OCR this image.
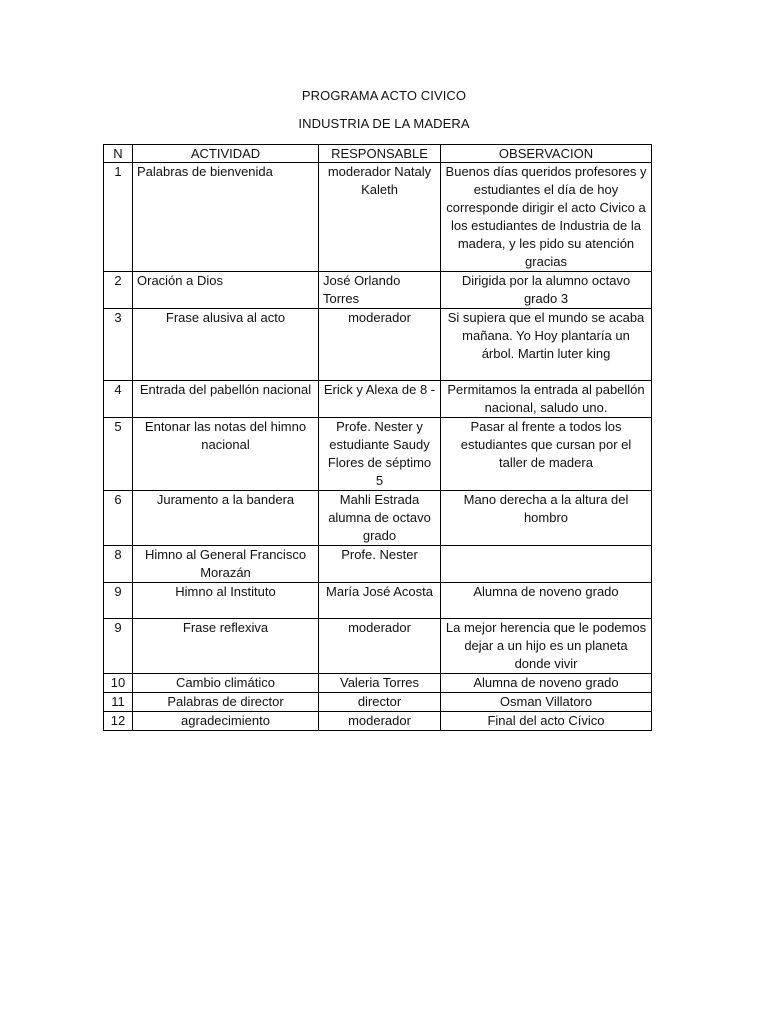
PROGRAMA ACTO CIVICO
INDUSTRIA DE LA MADERA
N	ACTIVIDAD	RESPONSABLE	OBSERVACION
1	Palabras de bienvenida	moderador Nataly Kaleth	Buenos días queridos profesores y estudiantes el día de hoy corresponde dirigir el acto Civico a los estudiantes de Industria de la madera, y les pido su atención gracias
2	Oración a Dios	José Orlando Torres	Dirigida por la alumno octavo grado 3
3	Frase alusiva al acto	moderador	Si supiera que el mundo se acaba mañana. Yo Hoy plantaría un árbol. Martin luter king
4	Entrada del pabellón nacional	Erick y Alexa de 8 -	Permitamos la entrada al pabellón nacional, saludo uno.
5	Entonar las notas del himno nacional	Profe. Nester y estudiante Saudy Flores de séptimo 5	Pasar al frente a todos los estudiantes que cursan por el taller de madera
6	Juramento a la bandera	Mahli Estrada alumna de octavo grado	Mano derecha a la altura del hombro
8	Himno al General Francisco Morazán	Profe. Nester	
9	Himno al Instituto	María José Acosta	Alumna de noveno grado
9	Frase reflexiva	moderador	La mejor herencia que le podemos dejar a un hijo es un planeta donde vivir
10	Cambio climático	Valeria Torres	Alumna de noveno grado
11	Palabras de director	director	Osman Villatoro
12	agradecimiento	moderador	Final del acto Cívico
